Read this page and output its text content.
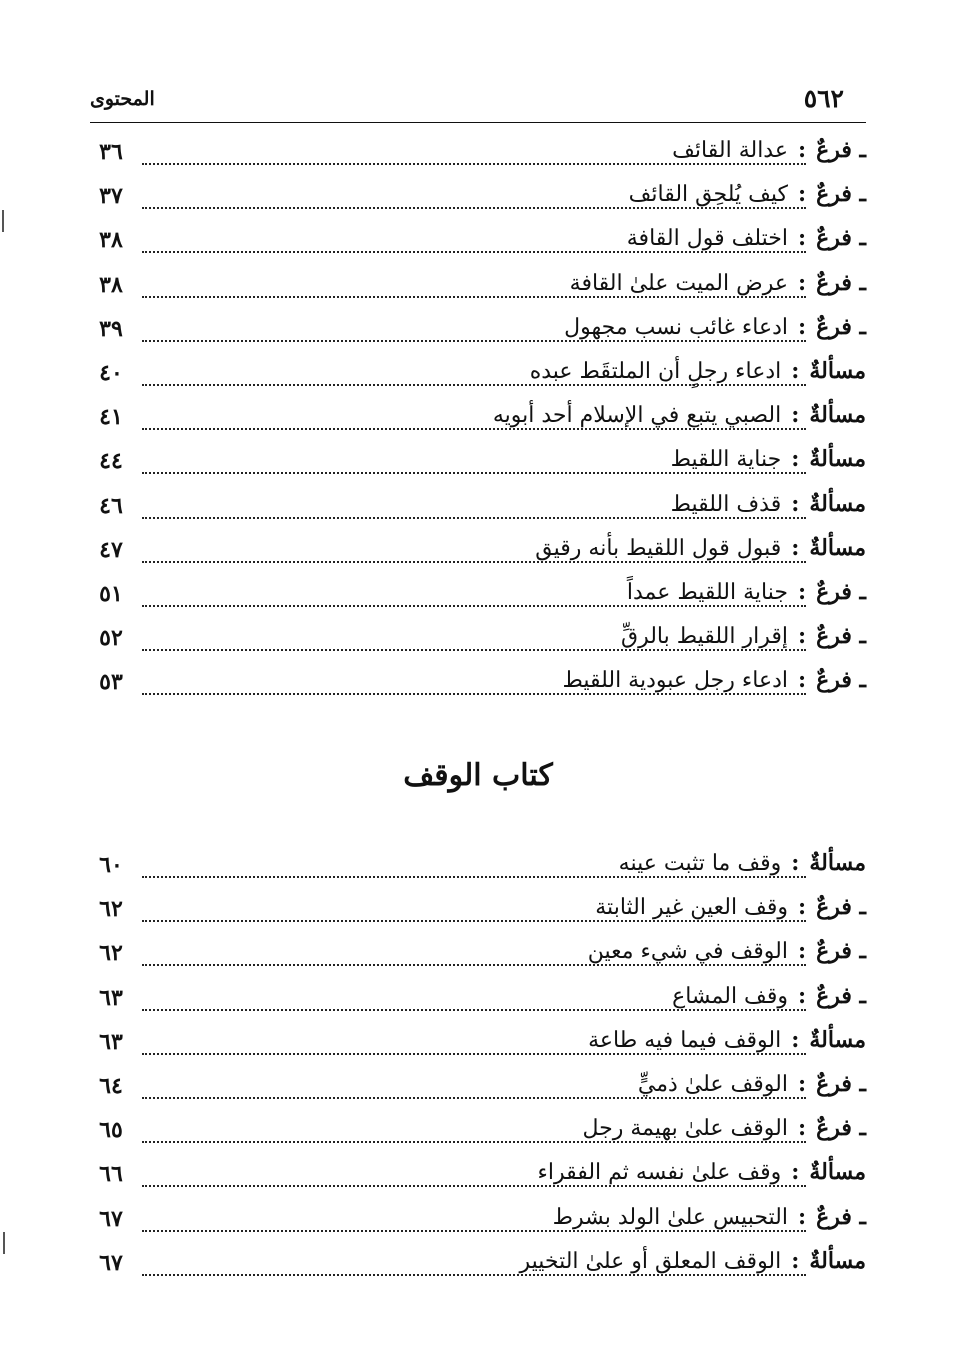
٥٦٢
المحتوى
ـ فرعٌ:عدالة القائف
٣٦
ـ فرعٌ:كيف يُلحِق القائف
٣٧
ـ فرعٌ:اختلف قول القافة
٣٨
ـ فرعٌ:عرض الميت علىٰ القافة
٣٨
ـ فرعٌ:ادعاء غائب نسب مجهول
٣٩
مسألةٌ:ادعاء رجلٍ أن الملتقَط عبده
٤٠
مسألةٌ:الصبي يتبع في الإسلام أحد أبويه
٤١
مسألةٌ:جناية اللقيط
٤٤
مسألةٌ:قذف اللقيط
٤٦
مسألةٌ:قبول قول اللقيط بأنه رقيق
٤٧
ـ فرعٌ:جناية اللقيط عمداً
٥١
ـ فرعٌ:إقرار اللقيط بالرقِّ
٥٢
ـ فرعٌ:ادعاء رجل عبودية اللقيط
٥٣
كتاب الوقف
مسألةٌ:وقف ما تثبت عينه
٦٠
ـ فرعٌ:وقف العين غير الثابتة
٦٢
ـ فرعٌ:الوقف في شيء معين
٦٢
ـ فرعٌ:وقف المشاع
٦٣
مسألةٌ:الوقف فيما فيه طاعة
٦٣
ـ فرعٌ:الوقف علىٰ ذميٍّ
٦٤
ـ فرعٌ:الوقف علىٰ بهيمة رجل
٦٥
مسألةٌ:وقف علىٰ نفسه ثم الفقراء
٦٦
ـ فرعٌ:التحبيس علىٰ الولد بشرط
٦٧
مسألةٌ:الوقف المعلق أو علىٰ التخيير
٦٧
